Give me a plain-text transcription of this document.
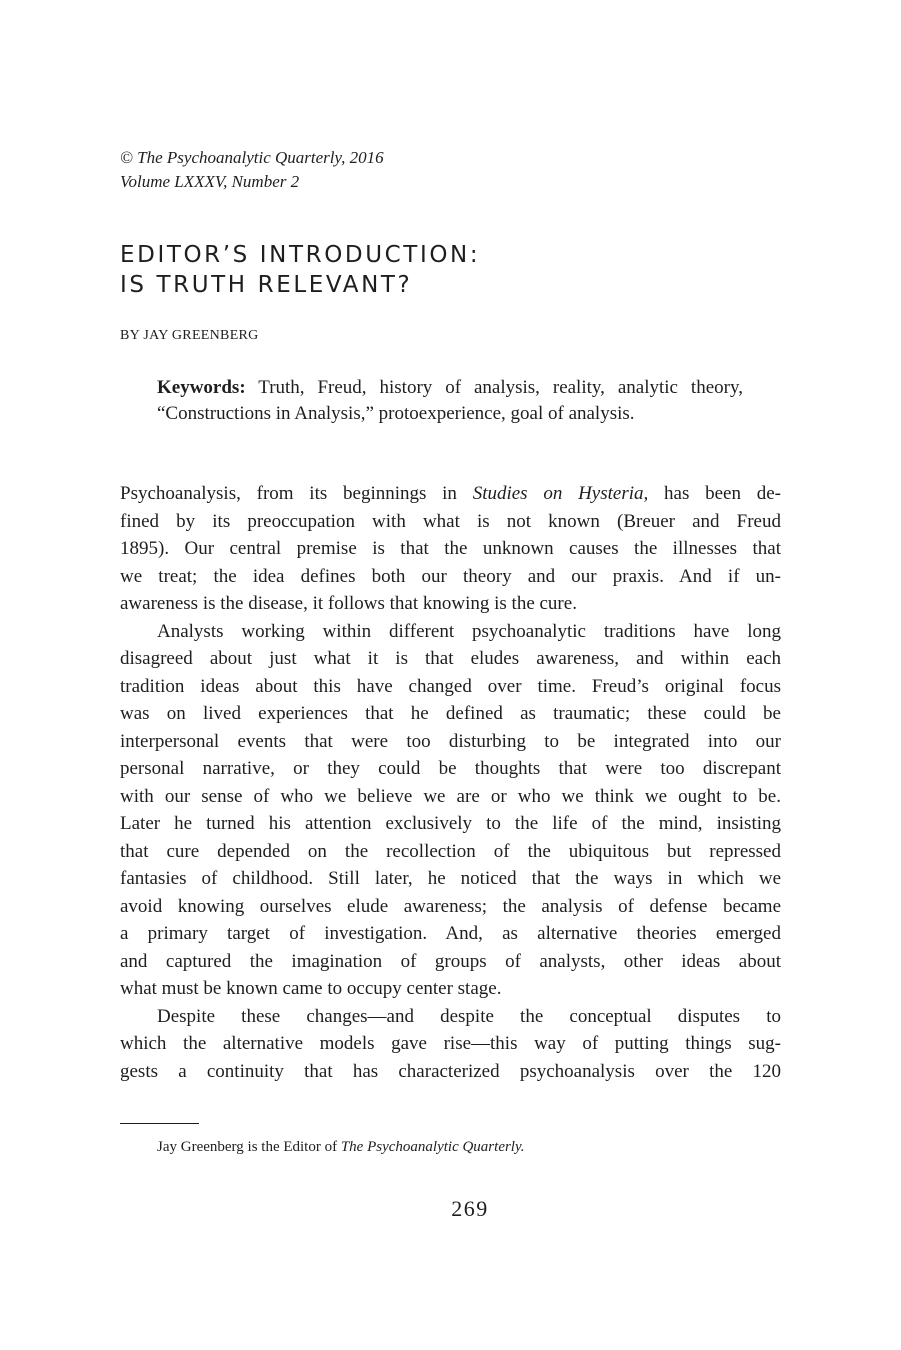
© The Psychoanalytic Quarterly, 2016
Volume LXXXV, Number 2
EDITOR’S INTRODUCTION:
IS TRUTH RELEVANT?
BY JAY GREENBERG
Keywords: Truth, Freud, history of analysis, reality, analytic theory, “Constructions in Analysis,” protoexperience, goal of analysis.
Psychoanalysis, from its beginnings in Studies on Hysteria, has been de-
fined by its preoccupation with what is not known (Breuer and Freud
1895). Our central premise is that the unknown causes the illnesses that
we treat; the idea defines both our theory and our praxis. And if un-
awareness is the disease, it follows that knowing is the cure.
Analysts working within different psychoanalytic traditions have long
disagreed about just what it is that eludes awareness, and within each
tradition ideas about this have changed over time. Freud’s original focus
was on lived experiences that he defined as traumatic; these could be
interpersonal events that were too disturbing to be integrated into our
personal narrative, or they could be thoughts that were too discrepant
with our sense of who we believe we are or who we think we ought to be.
Later he turned his attention exclusively to the life of the mind, insisting
that cure depended on the recollection of the ubiquitous but repressed
fantasies of childhood. Still later, he noticed that the ways in which we
avoid knowing ourselves elude awareness; the analysis of defense became
a primary target of investigation. And, as alternative theories emerged
and captured the imagination of groups of analysts, other ideas about
what must be known came to occupy center stage.
Despite these changes—and despite the conceptual disputes to
which the alternative models gave rise—this way of putting things sug-
gests a continuity that has characterized psychoanalysis over the 120
Jay Greenberg is the Editor of The Psychoanalytic Quarterly.
269
